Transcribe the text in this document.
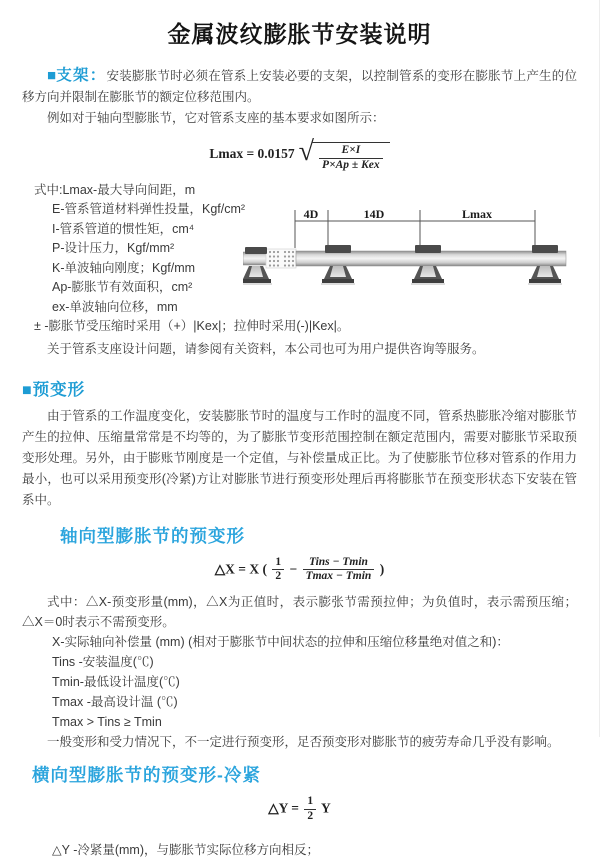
金属波纹膨胀节安装说明

■支架：安装膨胀节时必须在管系上安装必要的支架，以控制管系的变形在膨胀节上产生的位移方向并限制在膨胀节的额定位移范围内。

例如对于轴向型膨胀节，它对管系支座的基本要求如图所示：

Lmax = 0.0157 √ $\frac{E\times I}{\text{P×Ap ± Kex}}$
式中:Lmax-最大导向间距，m
E-管系管道材料弹性投量，Kgf/cm²
I-管系管道的惯性矩，cm⁴
P-设计压力，Kgf/mm²
K-单波轴向刚度；Kgf/mm
Ap-膨胀节有效面积，cm²
ex-单波轴向位移，mm
± -膨胀节受压缩时采用（+）|Kex|；拉伸时采用(-)|Kex|。
4D	14D	Lmax

关于管系支座设计问题，请参阅有关资料，本公司也可为用户提供咨询等服务。

■预变形

由于管系的工作温度变化，安装膨胀节时的温度与工作时的温度不同，管系热膨胀冷缩对膨胀节产生的拉伸、压缩量常常是不均等的，为了膨胀节变形范围控制在额定范围内，需要对膨胀节采取预变形处理。另外，由于膨账节刚度是一个定值，与补偿量成正比。为了使膨胀节位移对管系的作用力最小，也可以采用预变形(冷紧)方让对膨胀节进行预变形处理后再将膨胀节在预变形状态下安装在管系中。

轴向型膨胀节的预变形
△X = X ( $\frac{1}{2} - \frac{\text{Tins − Tmin}}{Tmax - Tmin}$ )
式中：△X-预变形量(mm)，△X为正值时，表示膨张节需预拉伸；为负值时，表示需预压缩；△X＝0时表示不需预变形。
X-实际轴向补偿量 (mm) (相对于膨胀节中间状态的拉伸和压缩位移量绝对值之和)：
Tins -安装温度(℃)
Tmin-最低设计温度(℃)
Tmax -最高设计温 (℃)
Tmax > Tins ≥ Tmin
一般变形和受力情况下，不一定进行预变形，足否预变形对膨胀节的疲劳寿命几乎没有影响。
横向型膨胀节的预变形-冷紧
△Y = $\frac{1}{2}$ Y
△Y -冷紧量(mm)，与膨胀节实际位移方向相反；
